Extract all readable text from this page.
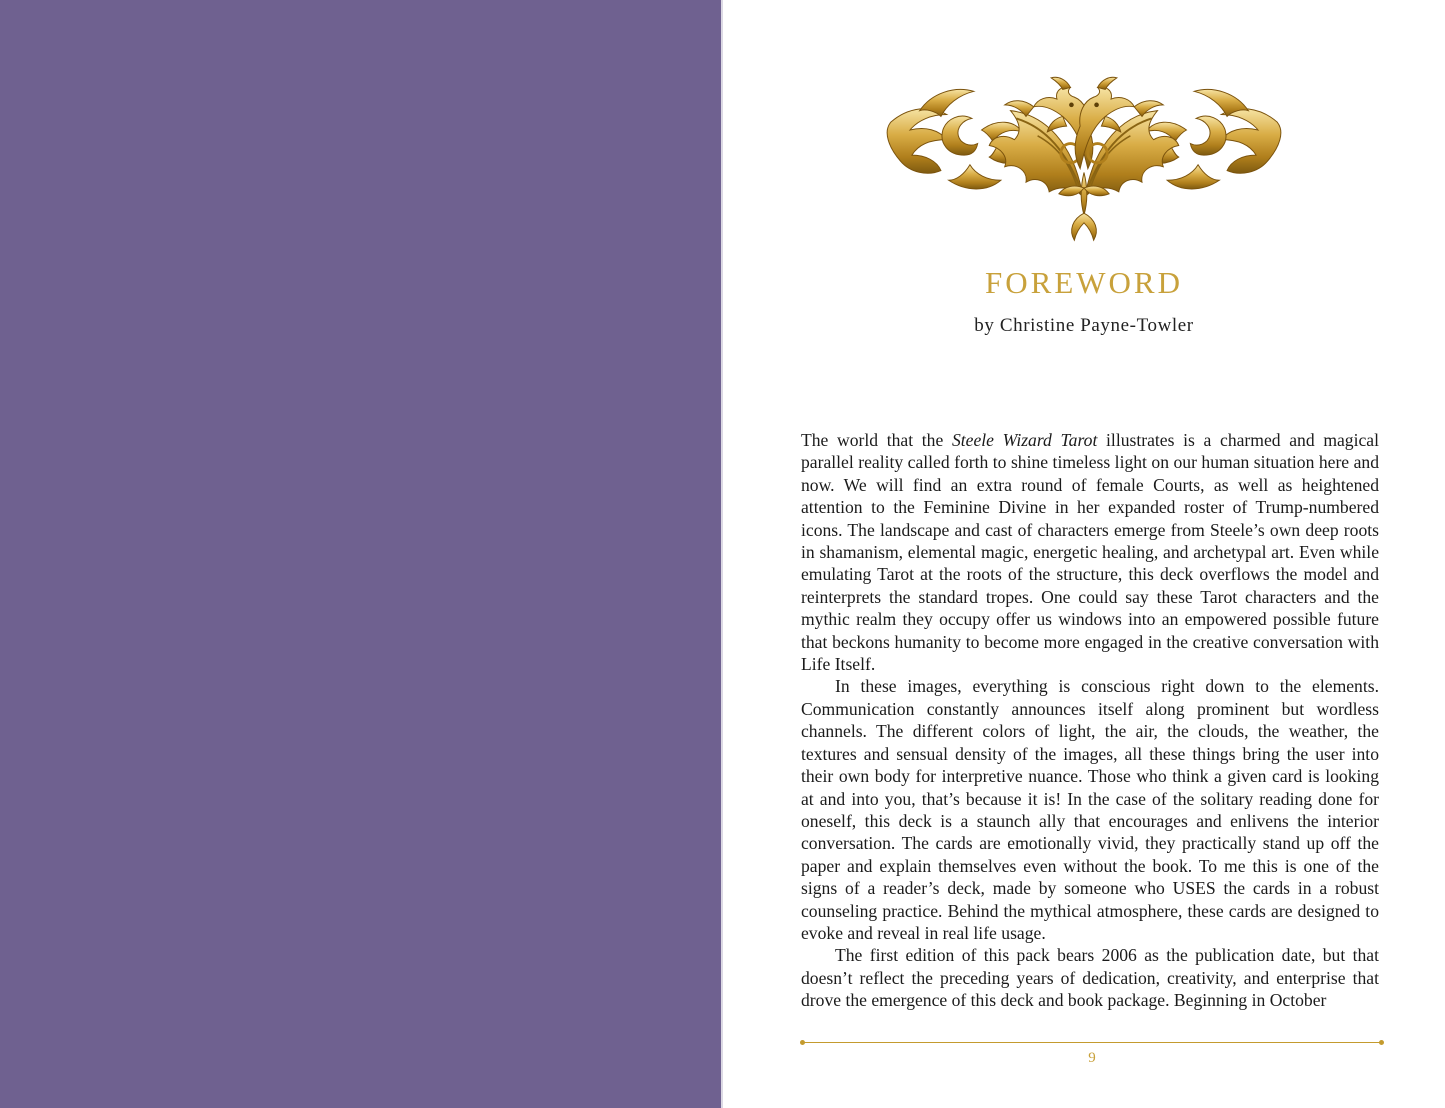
FOREWORD
by Christine Payne-Towler

The world that the Steele Wizard Tarot illustrates is a charmed and magical parallel reality called forth to shine timeless light on our human situation here and now. We will find an extra round of female Courts, as well as heightened attention to the Feminine Divine in her expanded roster of Trump-numbered icons. The landscape and cast of characters emerge from Steele’s own deep roots in shamanism, elemental magic, energetic healing, and archetypal art. Even while emulating Tarot at the roots of the structure, this deck overflows the model and reinterprets the standard tropes. One could say these Tarot characters and the mythic realm they occupy offer us windows into an empowered possible future that beckons humanity to become more engaged in the creative conversation with Life Itself.

In these images, everything is conscious right down to the elements. Communication constantly announces itself along prominent but wordless channels. The different colors of light, the air, the clouds, the weather, the textures and sensual density of the images, all these things bring the user into their own body for interpretive nuance. Those who think a given card is looking at and into you, that’s because it is! In the case of the solitary reading done for oneself, this deck is a staunch ally that encourages and enlivens the interior conversation. The cards are emotionally vivid, they practically stand up off the paper and explain themselves even without the book. To me this is one of the signs of a reader’s deck, made by someone who USES the cards in a robust counseling practice. Behind the mythical atmosphere, these cards are designed to evoke and reveal in real life usage.

The first edition of this pack bears 2006 as the publication date, but that doesn’t reflect the preceding years of dedication, creativity, and enterprise that drove the emergence of this deck and book package. Beginning in October

9
